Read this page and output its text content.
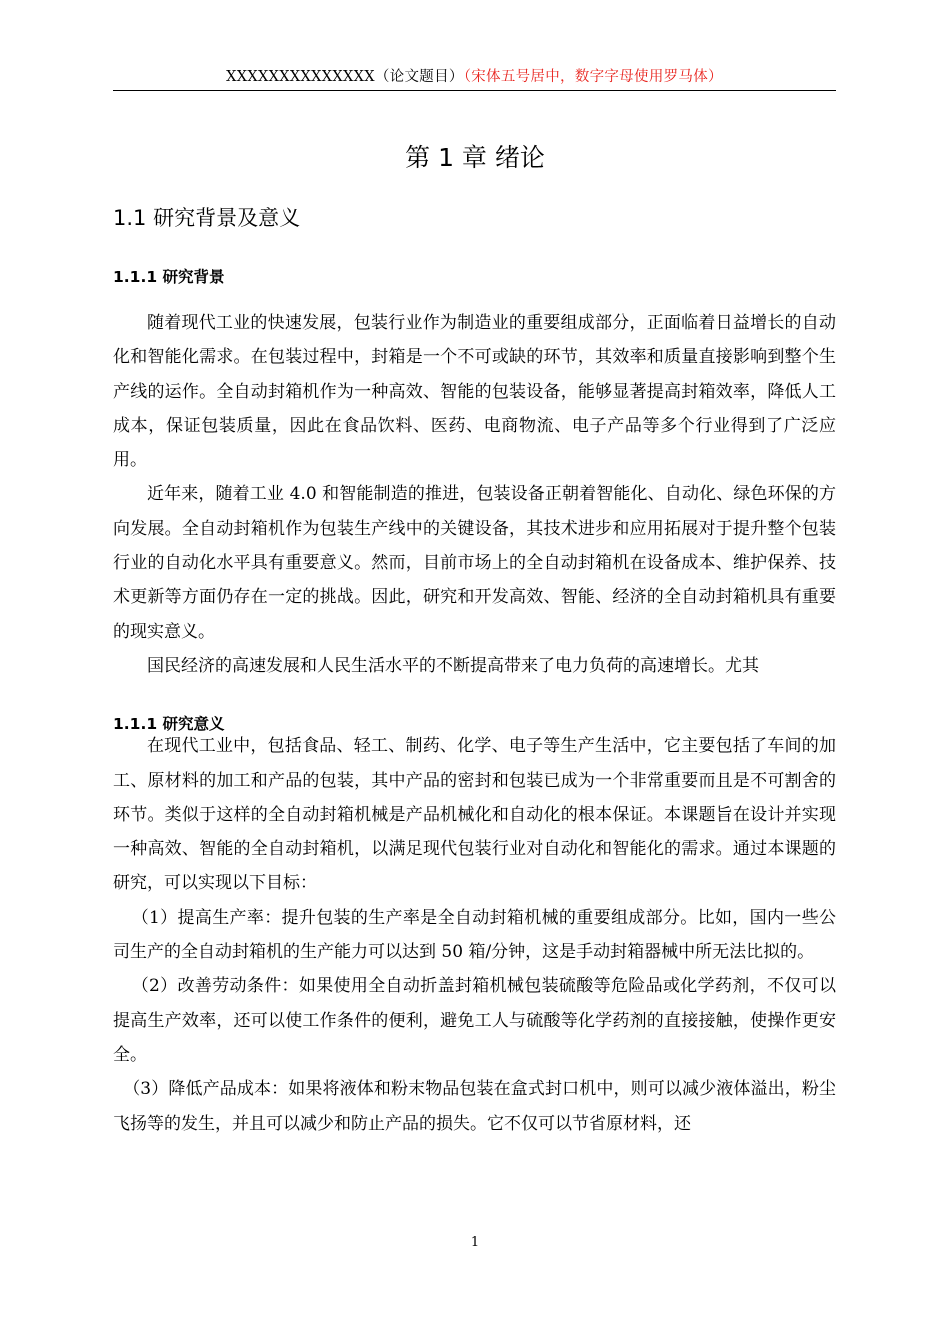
XXXXXXXXXXXXXX（论文题目）（宋体五号居中，数字字母使用罗马体）
第 1 章 绪论
1.1 研究背景及意义
1.1.1 研究背景

随着现代工业的快速发展，包装行业作为制造业的重要组成部分，正面临着日益增长的自动化和智能化需求。在包装过程中，封箱是一个不可或缺的环节，其效率和质量直接影响到整个生产线的运作。全自动封箱机作为一种高效、智能的包装设备，能够显著提高封箱效率，降低人工成本，保证包装质量，因此在食品饮料、医药、电商物流、电子产品等多个行业得到了广泛应用。

近年来，随着工业 4.0 和智能制造的推进，包装设备正朝着智能化、自动化、绿色环保的方向发展。全自动封箱机作为包装生产线中的关键设备，其技术进步和应用拓展对于提升整个包装行业的自动化水平具有重要意义。然而，目前市场上的全自动封箱机在设备成本、维护保养、技术更新等方面仍存在一定的挑战。因此，研究和开发高效、智能、经济的全自动封箱机具有重要的现实意义。

国民经济的高速发展和人民生活水平的不断提高带来了电力负荷的高速增长。尤其

在现代工业中，包括食品、轻工、制药、化学、电子等生产生活中，它主要包括了车间的加工、原材料的加工和产品的包装，其中产品的密封和包装已成为一个非常重要而且是不可割舍的环节。类似于这样的全自动封箱机械是产品机械化和自动化的根本保证。本课题旨在设计并实现一种高效、智能的全自动封箱机，以满足现代包装行业对自动化和智能化的需求。通过本课题的研究，可以实现以下目标：

（1）提高生产率：提升包装的生产率是全自动封箱机械的重要组成部分。比如，国内一些公司生产的全自动封箱机的生产能力可以达到 50 箱/分钟，这是手动封箱器械中所无法比拟的。

（2）改善劳动条件：如果使用全自动折盖封箱机械包装硫酸等危险品或化学药剂，不仅可以提高生产效率，还可以使工作条件的便利，避免工人与硫酸等化学药剂的直接接触，使操作更安全。

（3）降低产品成本：如果将液体和粉末物品包装在盒式封口机中，则可以减少液体溢出，粉尘飞扬等的发生，并且可以减少和防止产品的损失。它不仅可以节省原材料，还

1.1.1 研究意义
1
